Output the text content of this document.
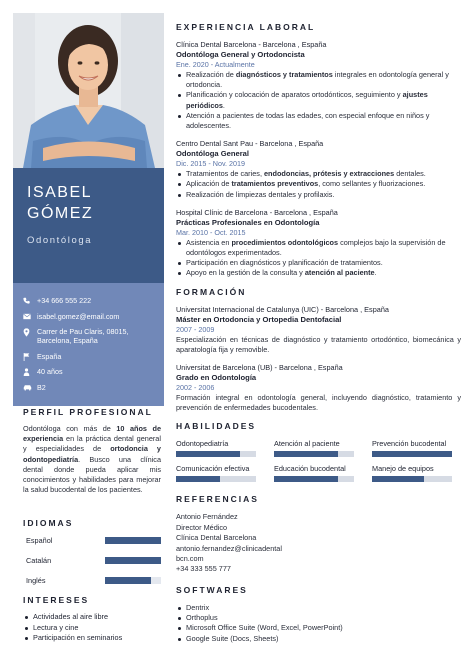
ISABEL
GÓMEZ
Odontóloga
+34 666 555 222
isabel.gomez@email.com
Carrer de Pau Claris, 08015, Barcelona, España
España
40 años
B2
PERFIL PROFESIONAL
Odontóloga con más de 10 años de experiencia en la práctica dental general y especialidades de ortodoncia y odontopediatría. Busco una clínica dental donde pueda aplicar mis conocimientos y habilidades para mejorar la salud bucodental de los pacientes.
IDIOMAS
Español
Catalán
Inglés
INTERESES
Actividades al aire libre
Lectura y cine
Participación en seminarios
EXPERIENCIA LABORAL
Clínica Dental Barcelona - Barcelona , España
Odontóloga General y Ortodoncista
Ene. 2020 - Actualmente
Realización de diagnósticos y tratamientos integrales en odontología general y ortodoncia.
Planificación y colocación de aparatos ortodónticos, seguimiento y ajustes periódicos.
Atención a pacientes de todas las edades, con especial enfoque en niños y adolescentes.
Centro Dental Sant Pau - Barcelona , España
Odontóloga General
Dic. 2015 - Nov. 2019
Tratamientos de caries, endodoncias, prótesis y extracciones dentales.
Aplicación de tratamientos preventivos, como sellantes y fluorizaciones.
Realización de limpiezas dentales y profilaxis.
Hospital Clínic de Barcelona - Barcelona , España
Prácticas Profesionales en Odontología
Mar. 2010 - Oct. 2015
Asistencia en procedimientos odontológicos complejos bajo la supervisión de odontólogos experimentados.
Participación en diagnósticos y planificación de tratamientos.
Apoyo en la gestión de la consulta y atención al paciente.
FORMACIÓN
Universitat Internacional de Catalunya (UIC) - Barcelona , España
Máster en Ortodoncia y Ortopedia Dentofacial
2007 - 2009
Especialización en técnicas de diagnóstico y tratamiento ortodóntico, biomecánica y aparatología fija y removible.
Universitat de Barcelona (UB) - Barcelona , España
Grado en Odontología
2002 - 2006
Formación integral en odontología general, incluyendo diagnóstico, tratamiento y prevención de enfermedades bucodentales.
HABILIDADES
Odontopediatría	Atención al paciente	Prevención bucodental
Comunicación efectiva	Educación bucodental	Manejo de equipos
REFERENCIAS
Antonio Fernández
Director Médico
Clínica Dental Barcelona
antonio.fernandez@clinicadental
bcn.com
+34 333 555 777
SOFTWARES
Dentrix
Orthoplus
Microsoft Office Suite (Word, Excel, PowerPoint)
Google Suite (Docs, Sheets)
